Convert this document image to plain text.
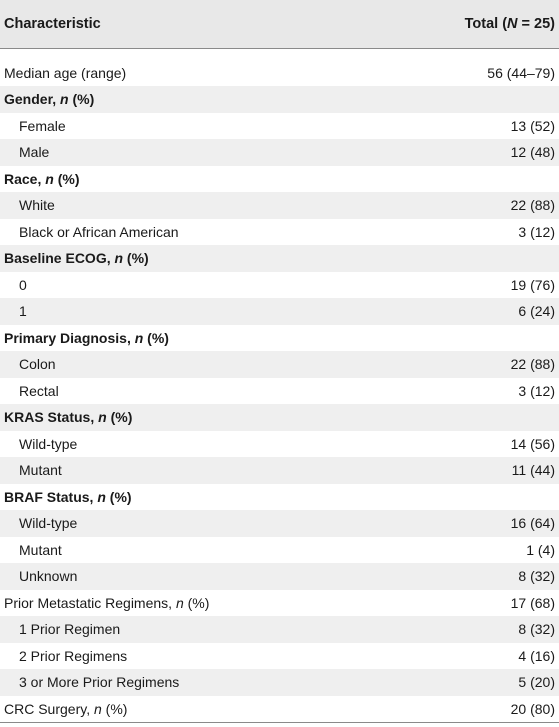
Characteristic	Total (N = 25)
Median age (range)	56 (44–79)
Gender, n (%)	
Female	13 (52)
Male	12 (48)
Race, n (%)	
White	22 (88)
Black or African American	3 (12)
Baseline ECOG, n (%)	
0	19 (76)
1	6 (24)
Primary Diagnosis, n (%)	
Colon	22 (88)
Rectal	3 (12)
KRAS Status, n (%)	
Wild-type	14 (56)
Mutant	11 (44)
BRAF Status, n (%)	
Wild-type	16 (64)
Mutant	1 (4)
Unknown	8 (32)
Prior Metastatic Regimens, n (%)	17 (68)
1 Prior Regimen	8 (32)
2 Prior Regimens	4 (16)
3 or More Prior Regimens	5 (20)
CRC Surgery, n (%)	20 (80)
